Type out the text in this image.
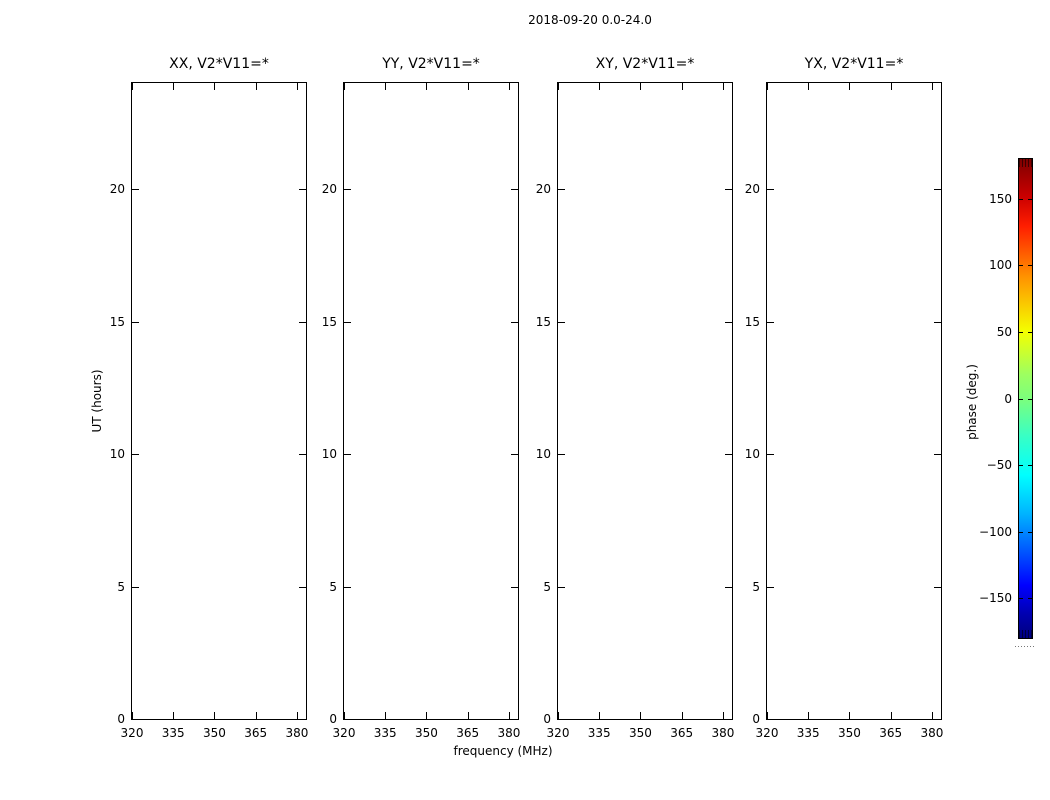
2018-09-20 0.0-24.0
XX, V2*V11=*
320 335 350 365 380
0
5
10
15
20
YY, V2*V11=*
320 335 350 365 380
0
5
10
15
20
XY, V2*V11=*
320 335 350 365 380
0
5
10
15
20
YX, V2*V11=*
320 335 350 365 380
0
5
10
15
20
frequency (MHz)
UT (hours)	phase (deg.)
150
100
50
0
−50
−100
−150
